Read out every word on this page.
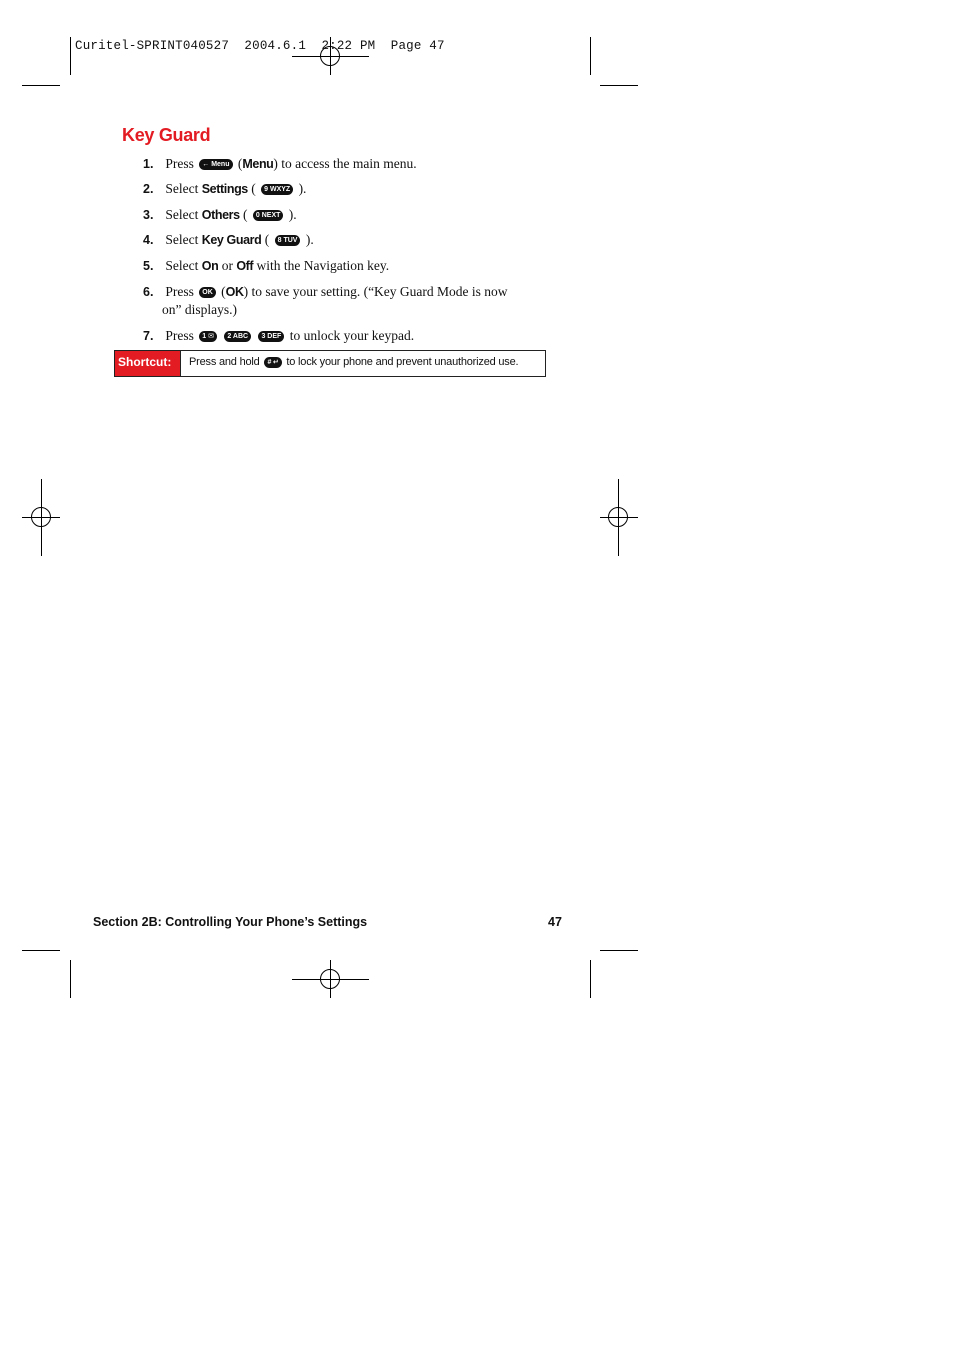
Curitel-SPRINT040527  2004.6.1  2:22 PM  Page 47
Key Guard
1. Press ← Menu (Menu) to access the main menu.
2. Select Settings ( 9 WXYZ ).
3. Select Others ( 0 NEXT ).
4. Select Key Guard ( 8 TUV ).
5. Select On or Off with the Navigation key.
6. Press OK (OK) to save your setting. (“Key Guard Mode is now
on” displays.)
7. Press 1 ✉ 2 ABC 3 DEF to unlock your keypad.
Shortcut:	Press and hold # ↵ to lock your phone and prevent unauthorized use.
Section 2B: Controlling Your Phone’s Settings	47
